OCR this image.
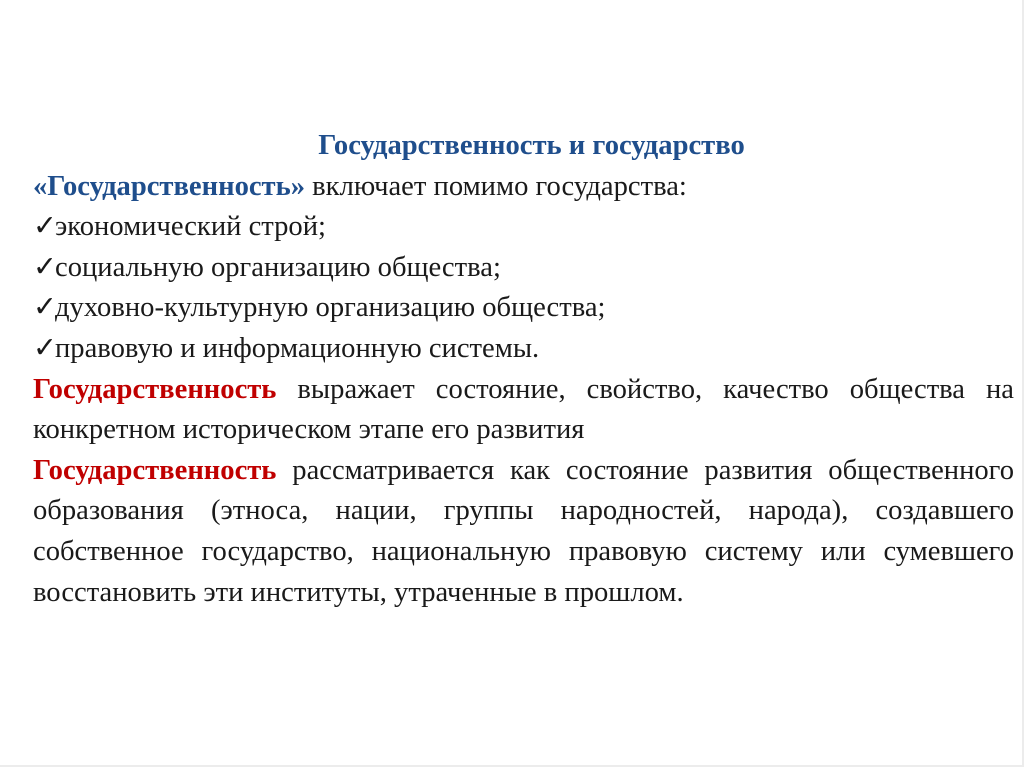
Государственность и государство

«Государственность» включает помимо государства:

✓экономический строй;

✓социальную организацию общества;

✓духовно-культурную организацию общества;

✓правовую и информационную системы.

Государственность выражает состояние, свойство, качество общества на конкретном историческом этапе его развития

Государственность рассматривается как состояние развития общественного образования (этноса, нации, группы народностей, народа), создавшего собственное государство, национальную правовую систему или сумевшего восстановить эти институты, утраченные в прошлом.
